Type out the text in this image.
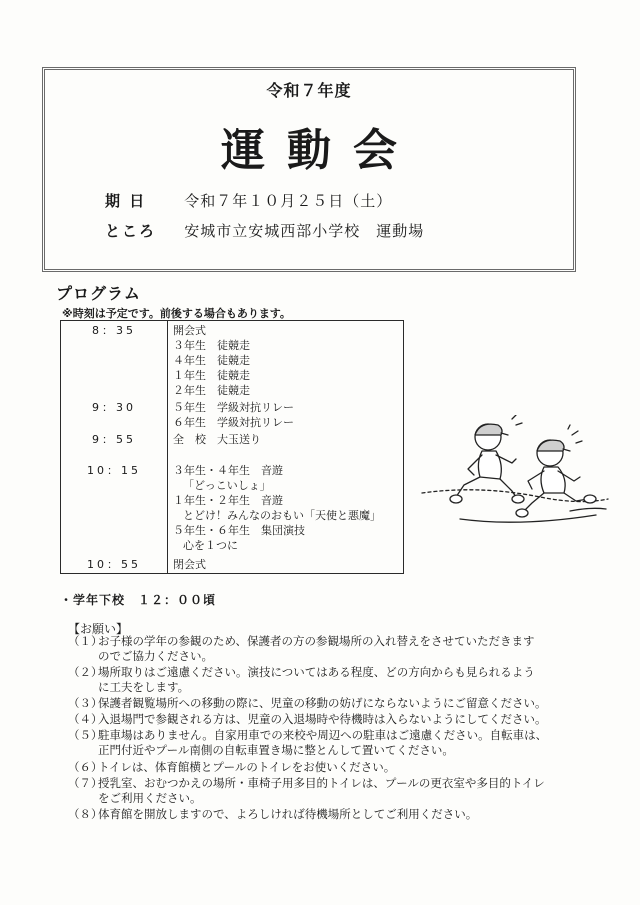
令和７年度
運動会
期 日	令和７年１０月２５日（土）
ところ 安城市立安城西部小学校　運動場
プログラム
※時刻は予定です。前後する場合もあります。
8：35	開会式
３年生　徒競走
４年生　徒競走
１年生　徒競走
２年生　徒競走
9：30	５年生　学級対抗リレー
６年生　学級対抗リレー
9：55	全　校　大玉送り
10：15	３年生・４年生　音遊
「どっこいしょ」
１年生・２年生　音遊
とどけ！みんなのおもい「天使と悪魔」
５年生・６年生　集団演技
心を１つに
10：55	閉会式
・学年下校　１２：００頃
【お願い】
（１）
お子様の学年の参観のため、保護者の方の参観場所の入れ替えをさせていただきます
のでご協力ください。
（２）
場所取りはご遠慮ください。演技についてはある程度、どの方向からも見られるよう
に工夫をします。
（３）
保護者観覧場所への移動の際に、児童の移動の妨げにならないようにご留意ください。
（４）
入退場門で参観される方は、児童の入退場時や待機時は入らないようにしてください。
（５）
駐車場はありません。自家用車での来校や周辺への駐車はご遠慮ください。自転車は、
正門付近やプール南側の自転車置き場に整とんして置いてください。
（６）
トイレは、体育館横とプールのトイレをお使いください。
（７）
授乳室、おむつかえの場所・車椅子用多目的トイレは、プールの更衣室や多目的トイレ
をご利用ください。
（８）
体育館を開放しますので、よろしければ待機場所としてご利用ください。
